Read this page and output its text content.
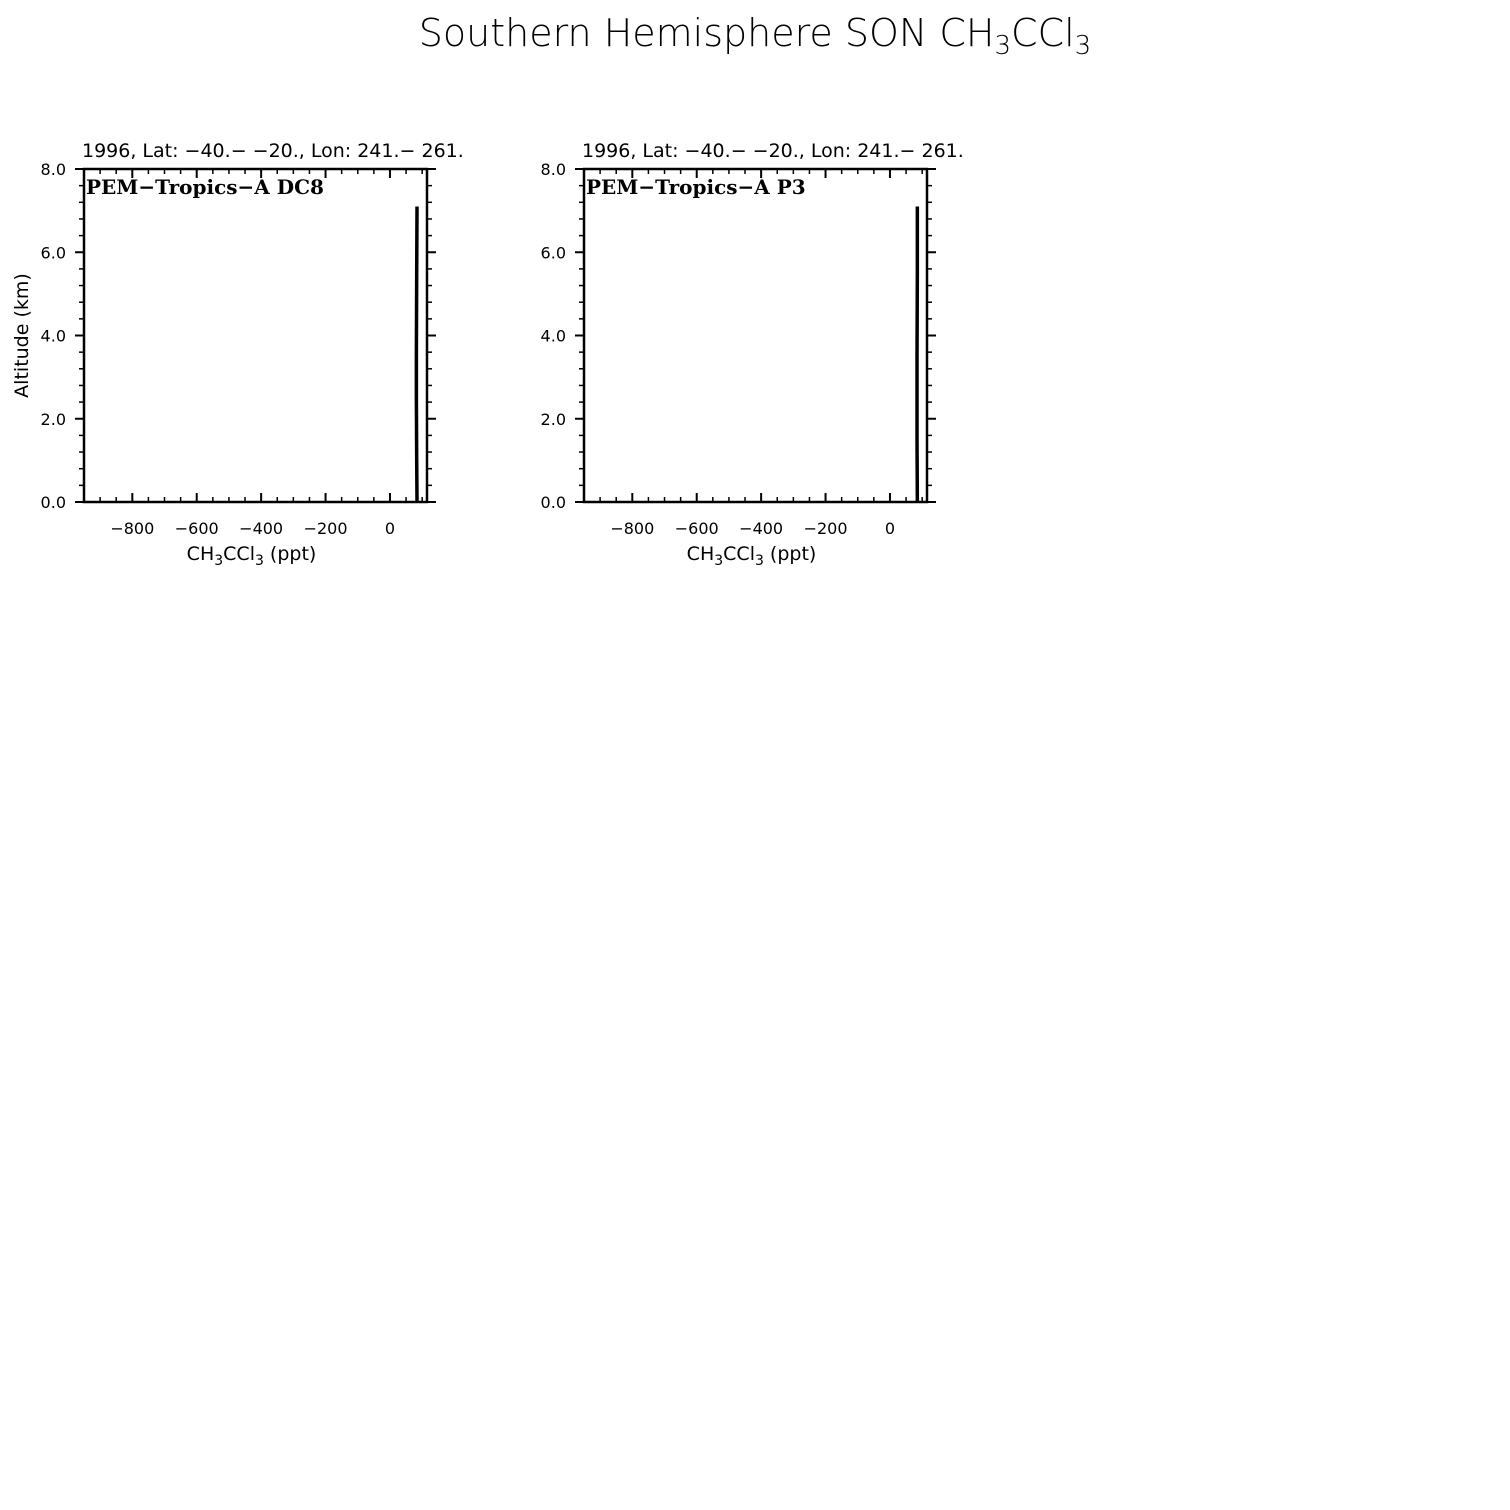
Southern Hemisphere SON $CH_3CCl_3$
−800 −600 −400 −200 0
0.0
2.0
4.0
6.0
8.0
1996, Lat: −40.− −20., Lon: 241.− 261.
PEM−Tropics−A DC8
$CH_3CCl_3$ (ppt)
Altitude (km)
−800 −600 −400 −200 0
0.0
2.0
4.0
6.0
8.0
1996, Lat: −40.− −20., Lon: 241.− 261.
PEM−Tropics−A P3
$CH_3CCl_3$ (ppt)
